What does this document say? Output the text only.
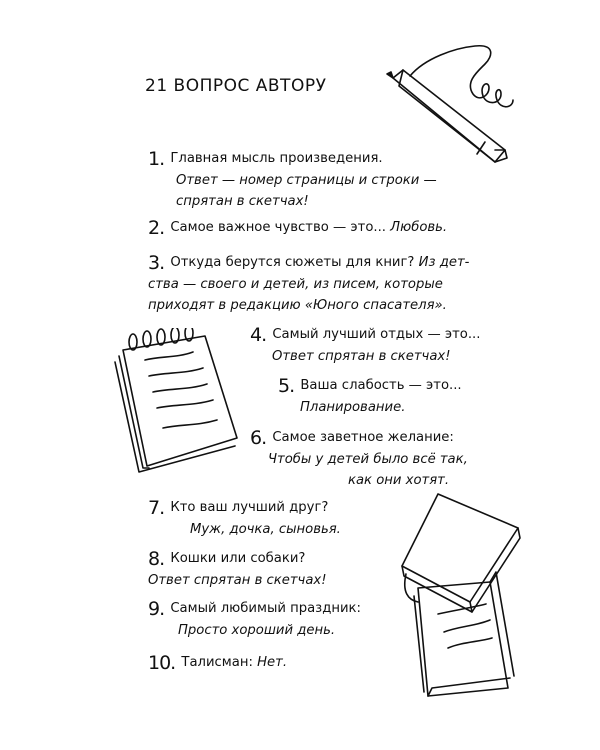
21 ВОПРОС АВТОРУ
1. Главная мысль произведения.
Ответ — номер страницы и строки —
спрятан в скетчах!
2. Самое важное чувство — это... Любовь.
3. Откуда берутся сюжеты для книг? Из дет-
ства — своего и детей, из писем, которые
приходят в редакцию «Юного спасателя».
4. Самый лучший отдых — это...
Ответ спрятан в скетчах!
5. Ваша слабость — это...
Планирование.
6. Самое заветное желание:
Чтобы у детей было всё так,
как они хотят.
7. Кто ваш лучший друг?
Муж, дочка, сыновья.
8. Кошки или собаки?
Ответ спрятан в скетчах!
9. Самый любимый праздник:
Просто хороший день.
10. Талисман: Нет.
